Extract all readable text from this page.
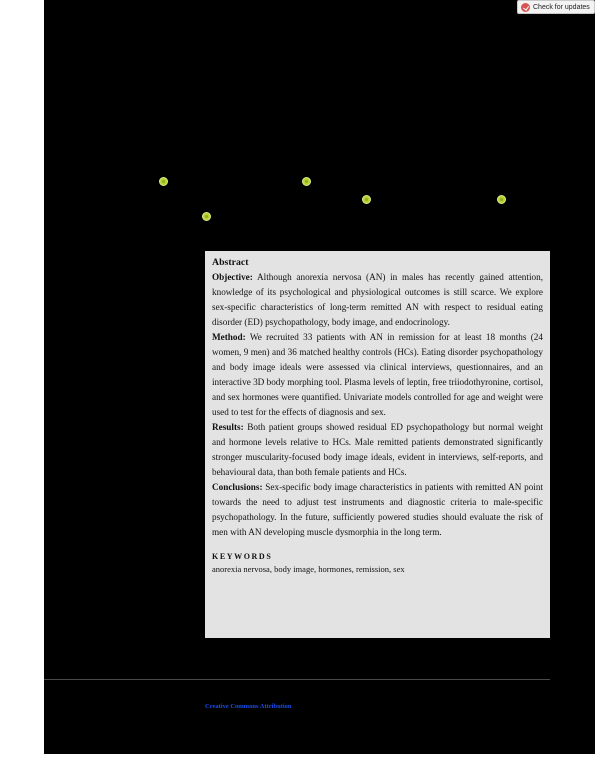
Check for updates
Abstract

Objective: Although anorexia nervosa (AN) in males has recently gained attention, knowledge of its psychological and physiological outcomes is still scarce. We explore sex-specific characteristics of long-term remitted AN with respect to residual eating disorder (ED) psychopathology, body image, and endocrinology.

Method: We recruited 33 patients with AN in remission for at least 18 months (24 women, 9 men) and 36 matched healthy controls (HCs). Eating disorder psychopathology and body image ideals were assessed via clinical interviews, questionnaires, and an interactive 3D body morphing tool. Plasma levels of leptin, free triiodothyronine, cortisol, and sex hormones were quantified. Univariate models controlled for age and weight were used to test for the effects of diagnosis and sex.

Results: Both patient groups showed residual ED psychopathology but normal weight and hormone levels relative to HCs. Male remitted patients demonstrated significantly stronger muscularity-focused body image ideals, evident in interviews, self-reports, and behavioural data, than both female patients and HCs.

Conclusions: Sex-specific body image characteristics in patients with remitted AN point towards the need to adjust test instruments and diagnostic criteria to male-specific psychopathology. In the future, sufficiently powered studies should evaluate the risk of men with AN developing muscle dysmorphia in the long term.

KEYWORDS
anorexia nervosa, body image, hormones, remission, sex
Creative Commons Attribution
